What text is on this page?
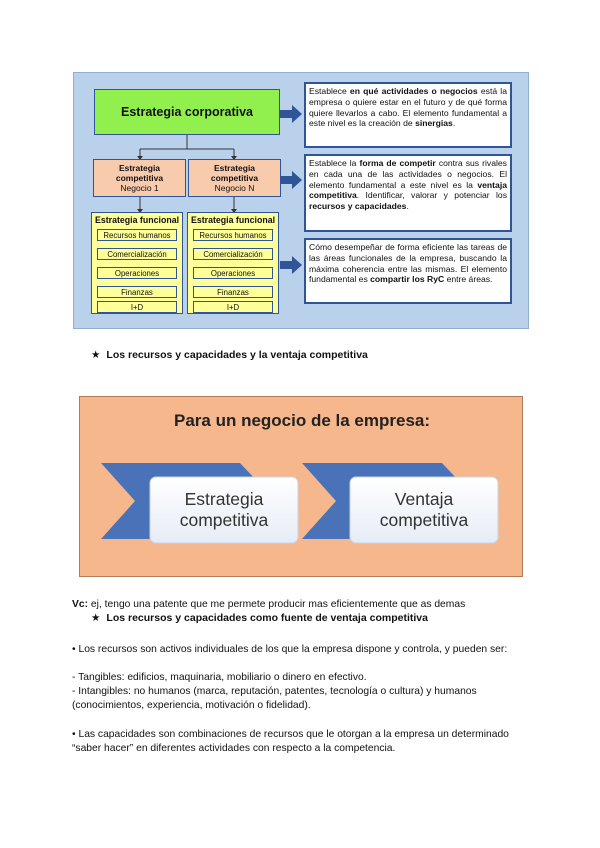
Estrategia corporativa
Estrategia
competitiva
Negocio 1
Estrategia
competitiva
Negocio N
Estrategia funcional
Recursos humanos
Comercialización
Operaciones
Finanzas
I+D
Estrategia funcional
Recursos humanos
Comercialización
Operaciones
Finanzas
I+D
Establece en qué actividades o negocios está la empresa o quiere estar en el futuro y de qué forma quiere llevarlos a cabo. El elemento fundamental a este nivel es la creación de sinergias.
Establece la forma de competir contra sus rivales en cada una de las actividades o negocios. El elemento fundamental a este nivel es la ventaja competitiva. Identificar, valorar y potenciar los recursos y capacidades.
Cómo desempeñar de forma eficiente las tareas de las áreas funcionales de la empresa, buscando la máxima coherencia entre las mismas. El elemento fundamental es compartir los RyC entre áreas.
★ Los recursos y capacidades y la ventaja competitiva
Para un negocio de la empresa:
Estrategia
competitiva
Ventaja
competitiva
Vc: ej, tengo una patente que me permete producir mas eficientemente que as demas
★ Los recursos y capacidades como fuente de ventaja competitiva
• Los recursos son activos individuales de los que la empresa dispone y controla, y pueden ser:
- Tangibles: edificios, maquinaria, mobiliario o dinero en efectivo.
- Intangibles: no humanos (marca, reputación, patentes, tecnología o cultura) y humanos (conocimientos, experiencia, motivación o fidelidad).
• Las capacidades son combinaciones de recursos que le otorgan a la empresa un determinado “saber hacer” en diferentes actividades con respecto a la competencia.
